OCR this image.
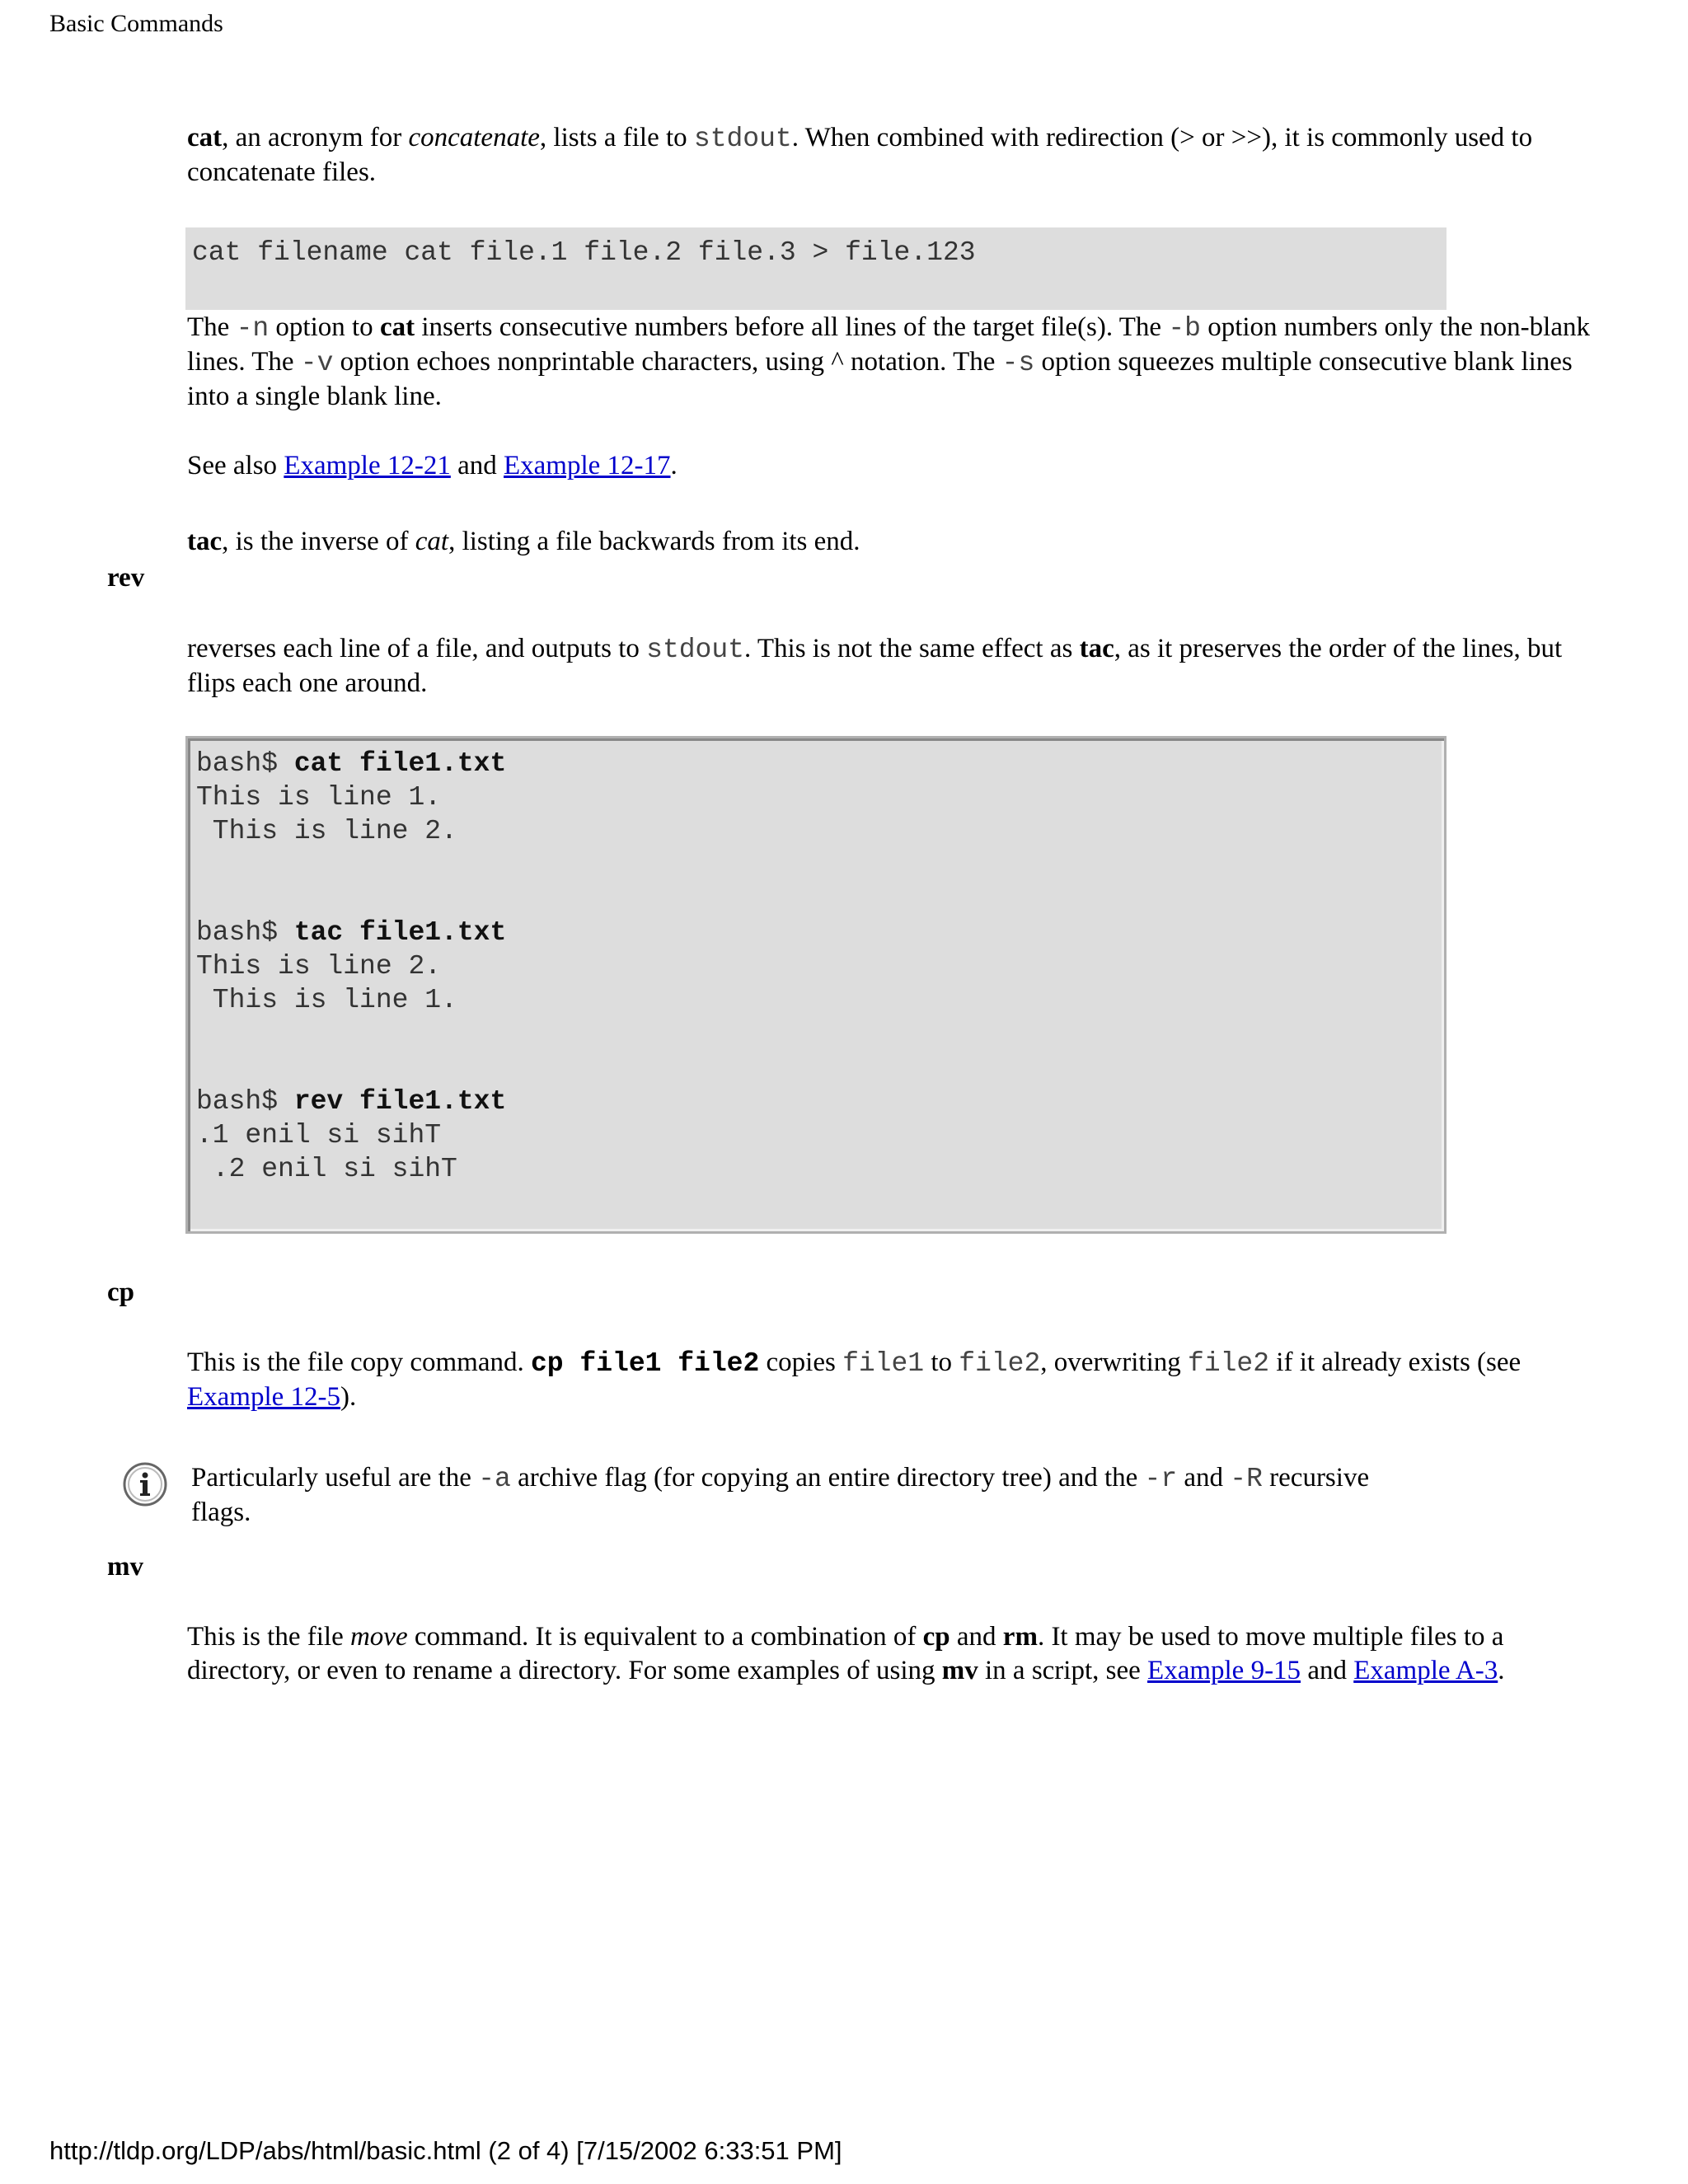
Basic Commands

cat, an acronym for concatenate, lists a file to stdout. When combined with redirection (> or >>), it is commonly used to concatenate files.

cat filename cat file.1 file.2 file.3 > file.123

The -n option to cat inserts consecutive numbers before all lines of the target file(s). The -b option numbers only the non-blank lines. The -v option echoes nonprintable characters, using ^ notation. The -s option squeezes multiple consecutive blank lines into a single blank line.

See also Example 12-21 and Example 12-17.

tac, is the inverse of cat, listing a file backwards from its end.

rev

reverses each line of a file, and outputs to stdout. This is not the same effect as tac, as it preserves the order of the lines, but flips each one around.

bash$ cat file1.txt
This is line 1.
This is line 2.

bash$ tac file1.txt
This is line 2.
This is line 1.

bash$ rev file1.txt
.1 enil si sihT
.2 enil si sihT
cp

This is the file copy command. cp file1 file2 copies file1 to file2, overwriting file2 if it already exists (see Example 12-5).

Particularly useful are the -a archive flag (for copying an entire directory tree) and the -r and -R recursive flags.

mv

This is the file move command. It is equivalent to a combination of cp and rm. It may be used to move multiple files to a directory, or even to rename a directory. For some examples of using mv in a script, see Example 9-15 and Example A-3.

http://tldp.org/LDP/abs/html/basic.html (2 of 4) [7/15/2002 6:33:51 PM]
